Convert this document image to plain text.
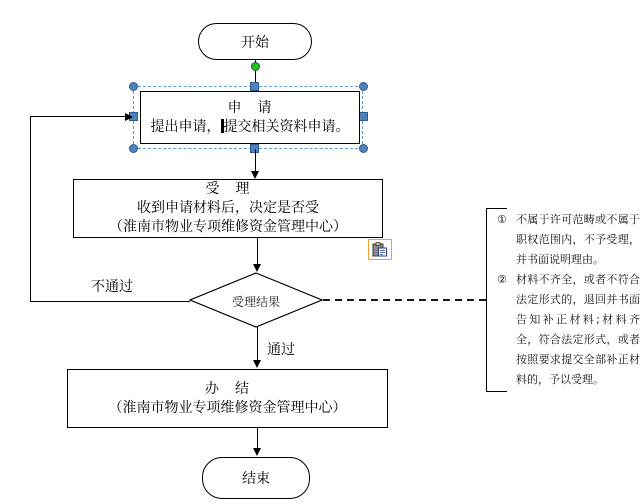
开始
申　请
提出申请， 提交相关资料申请。
受　理
收到申请材料后，决定是否受
（淮南市物业专项维修资金管理中心）
受理结果
不通过
通过
办　结
（淮南市物业专项维修资金管理中心）
结束
① 不属于许可范畴或不属于职权范围内，不予受理，并书面说明理由。
② 材料不齐全，或者不符合法定形式的，退回并书面告知补正材料;材料齐全，符合法定形式，或者按照要求提交全部补正材料的，予以受理。
